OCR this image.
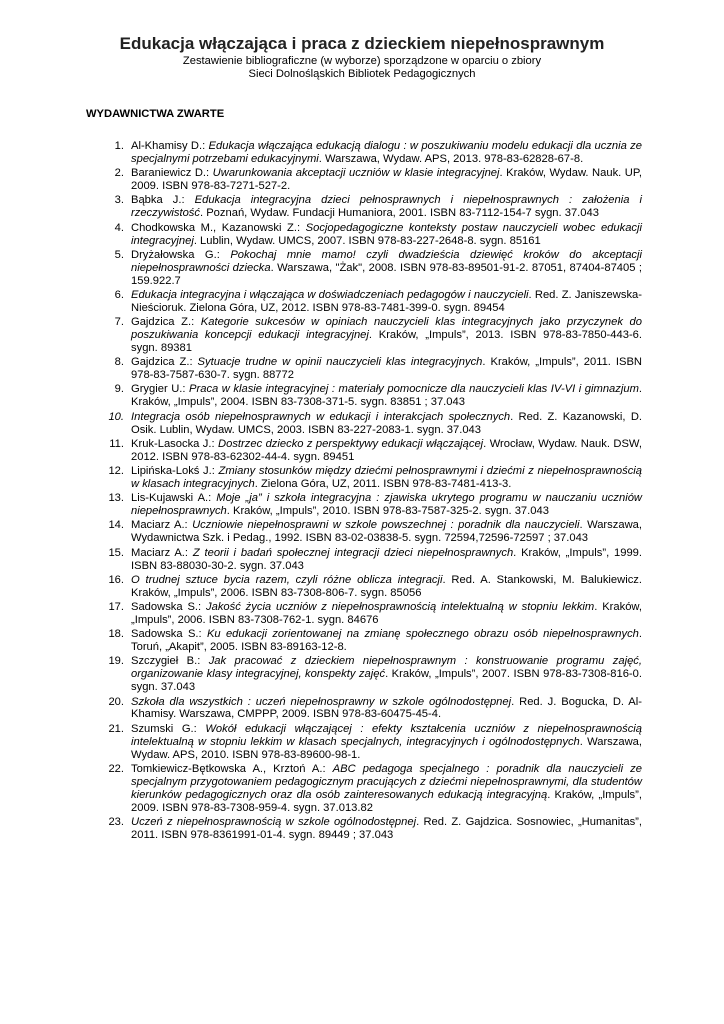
Edukacja włączająca i praca z dzieckiem niepełnosprawnym
Zestawienie bibliograficzne (w wyborze) sporządzone w oparciu o zbiory
Sieci Dolnośląskich Bibliotek Pedagogicznych
WYDAWNICTWA ZWARTE
1. Al-Khamisy D.: Edukacja włączająca edukacją dialogu : w poszukiwaniu modelu edukacji dla ucznia ze specjalnymi potrzebami edukacyjnymi. Warszawa, Wydaw. APS, 2013. 978-83-62828-67-8.
2. Baraniewicz D.: Uwarunkowania akceptacji uczniów w klasie integracyjnej. Kraków, Wydaw. Nauk. UP, 2009. ISBN 978-83-7271-527-2.
3. Bąbka J.: Edukacja integracyjna dzieci pełnosprawnych i niepełnosprawnych : założenia i rzeczywistość. Poznań, Wydaw. Fundacji Humaniora, 2001. ISBN 83-7112-154-7 sygn. 37.043
4. Chodkowska M., Kazanowski Z.: Socjopedagogiczne konteksty postaw nauczycieli wobec edukacji integracyjnej. Lublin, Wydaw. UMCS, 2007. ISBN 978-83-227-2648-8. sygn. 85161
5. Dryżałowska G.: Pokochaj mnie mamo! czyli dwadzieścia dziewięć kroków do akceptacji niepełnosprawności dziecka. Warszawa, "Żak", 2008. ISBN 978-83-89501-91-2. 87051, 87404-87405 ; 159.922.7
6. Edukacja integracyjna i włączająca w doświadczeniach pedagogów i nauczycieli. Red. Z. Janiszewska-Nieścioruk. Zielona Góra, UZ, 2012. ISBN 978-83-7481-399-0. sygn. 89454
7. Gajdzica Z.: Kategorie sukcesów w opiniach nauczycieli klas integracyjnych jako przyczynek do poszukiwania koncepcji edukacji integracyjnej. Kraków, „Impuls”, 2013. ISBN 978-83-7850-443-6. sygn. 89381
8. Gajdzica Z.: Sytuacje trudne w opinii nauczycieli klas integracyjnych. Kraków, „Impuls”, 2011. ISBN 978-83-7587-630-7. sygn. 88772
9. Grygier U.: Praca w klasie integracyjnej : materiały pomocnicze dla nauczycieli klas IV-VI i gimnazjum. Kraków, „Impuls”, 2004. ISBN 83-7308-371-5. sygn. 83851 ; 37.043
10. Integracja osób niepełnosprawnych w edukacji i interakcjach społecznych. Red. Z. Kazanowski, D. Osik. Lublin, Wydaw. UMCS, 2003. ISBN 83-227-2083-1. sygn. 37.043
11. Kruk-Lasocka J.: Dostrzec dziecko z perspektywy edukacji włączającej. Wrocław, Wydaw. Nauk. DSW, 2012. ISBN 978-83-62302-44-4. sygn. 89451
12. Lipińska-Lokś J.: Zmiany stosunków między dziećmi pełnosprawnymi i dziećmi z niepełnosprawnością w klasach integracyjnych. Zielona Góra, UZ, 2011. ISBN 978-83-7481-413-3.
13. Lis-Kujawski A.: Moje „ja” i szkoła integracyjna : zjawiska ukrytego programu w nauczaniu uczniów niepełnosprawnych. Kraków, „Impuls”, 2010. ISBN 978-83-7587-325-2. sygn. 37.043
14. Maciarz A.: Uczniowie niepełnosprawni w szkole powszechnej : poradnik dla nauczycieli. Warszawa, Wydawnictwa Szk. i Pedag., 1992. ISBN 83-02-03838-5. sygn. 72594,72596-72597 ; 37.043
15. Maciarz A.: Z teorii i badań społecznej integracji dzieci niepełnosprawnych. Kraków, „Impuls”, 1999. ISBN 83-88030-30-2. sygn. 37.043
16. O trudnej sztuce bycia razem, czyli różne oblicza integracji. Red. A. Stankowski, M. Balukiewicz. Kraków, „Impuls”, 2006. ISBN 83-7308-806-7. sygn. 85056
17. Sadowska S.: Jakość życia uczniów z niepełnosprawnością intelektualną w stopniu lekkim. Kraków, „Impuls”, 2006. ISBN 83-7308-762-1. sygn. 84676
18. Sadowska S.: Ku edukacji zorientowanej na zmianę społecznego obrazu osób niepełnosprawnych. Toruń, „Akapit”, 2005. ISBN 83-89163-12-8.
19. Szczygieł B.: Jak pracować z dzieckiem niepełnosprawnym : konstruowanie programu zajęć, organizowanie klasy integracyjnej, konspekty zajęć. Kraków, „Impuls”, 2007. ISBN 978-83-7308-816-0. sygn. 37.043
20. Szkoła dla wszystkich : uczeń niepełnosprawny w szkole ogólnodostępnej. Red. J. Bogucka, D. Al-Khamisy. Warszawa, CMPPP, 2009. ISBN 978-83-60475-45-4.
21. Szumski G.: Wokół edukacji włączającej : efekty kształcenia uczniów z niepełnosprawnością intelektualną w stopniu lekkim w klasach specjalnych, integracyjnych i ogólnodostępnych. Warszawa, Wydaw. APS, 2010. ISBN 978-83-89600-98-1.
22. Tomkiewicz-Bętkowska A., Krztoń A.: ABC pedagoga specjalnego : poradnik dla nauczycieli ze specjalnym przygotowaniem pedagogicznym pracujących z dziećmi niepełnosprawnymi, dla studentów kierunków pedagogicznych oraz dla osób zainteresowanych edukacją integracyjną. Kraków, „Impuls”, 2009. ISBN 978-83-7308-959-4. sygn. 37.013.82
23. Uczeń z niepełnosprawnością w szkole ogólnodostępnej. Red. Z. Gajdzica. Sosnowiec, „Humanitas”, 2011. ISBN 978-8361991-01-4. sygn. 89449 ; 37.043
